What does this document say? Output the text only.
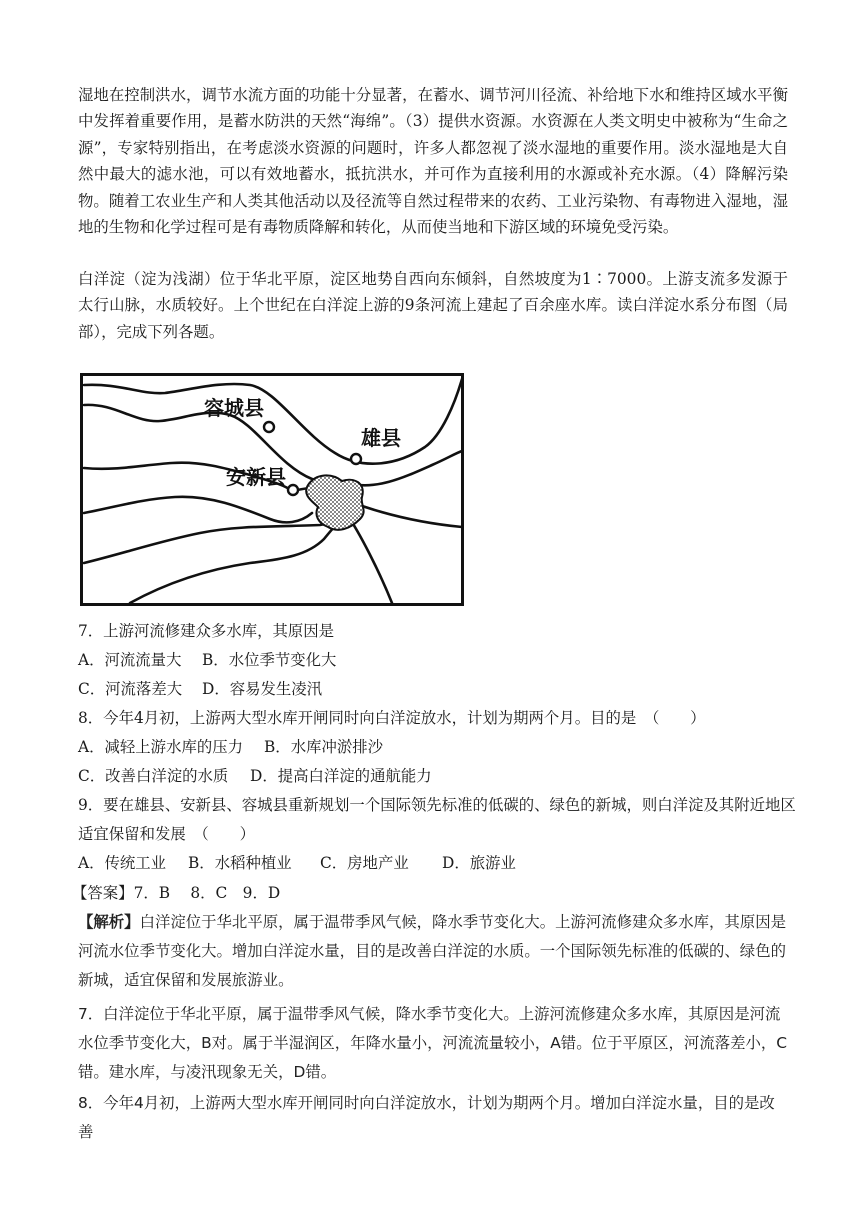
湿地在控制洪水，调节水流方面的功能十分显著，在蓄水、调节河川径流、补给地下水和维持区域水平衡中发挥着重要作用，是蓄水防洪的天然“海绵”。（3）提供水资源。水资源在人类文明史中被称为“生命之源”，专家特别指出，在考虑淡水资源的问题时，许多人都忽视了淡水湿地的重要作用。淡水湿地是大自然中最大的滤水池，可以有效地蓄水，抵抗洪水，并可作为直接利用的水源或补充水源。（4）降解污染物。随着工农业生产和人类其他活动以及径流等自然过程带来的农药、工业污染物、有毒物进入湿地，湿地的生物和化学过程可是有毒物质降解和转化，从而使当地和下游区域的环境免受污染。

白洋淀（淀为浅湖）位于华北平原，淀区地势自西向东倾斜，自然坡度为1∶7000。上游支流多发源于太行山脉，水质较好。上个世纪在白洋淀上游的9条河流上建起了百余座水库。读白洋淀水系分布图（局部），完成下列各题。

容城县
雄县
安新县

7．上游河流修建众多水库，其原因是

A．河流流量大 B．水位季节变化大

C．河流落差大 D．容易发生凌汛

8．今年4月初，上游两大型水库开闸同时向白洋淀放水，计划为期两个月。目的是　（　　）

A．减轻上游水库的压力 B．水库冲淤排沙

C．改善白洋淀的水质 D．提高白洋淀的通航能力

9．要在雄县、安新县、容城县重新规划一个国际领先标准的低碳的、绿色的新城，则白洋淀及其附近地区

适宜保留和发展　（　　）

A．传统工业 B．水稻种植业 C．房地产业 D．旅游业

【答案】7．B　 8．C　9．D

【解析】白洋淀位于华北平原，属于温带季风气候，降水季节变化大。上游河流修建众多水库，其原因是河流水位季节变化大。增加白洋淀水量，目的是改善白洋淀的水质。一个国际领先标准的低碳的、绿色的新城，适宜保留和发展旅游业。

7．白洋淀位于华北平原，属于温带季风气候，降水季节变化大。上游河流修建众多水库，其原因是河流水位季节变化大，B对。属于半湿润区，年降水量小，河流流量较小，A错。位于平原区，河流落差小，C错。建水库，与凌汛现象无关，D错。

8．今年4月初，上游两大型水库开闸同时向白洋淀放水，计划为期两个月。增加白洋淀水量，目的是改善
